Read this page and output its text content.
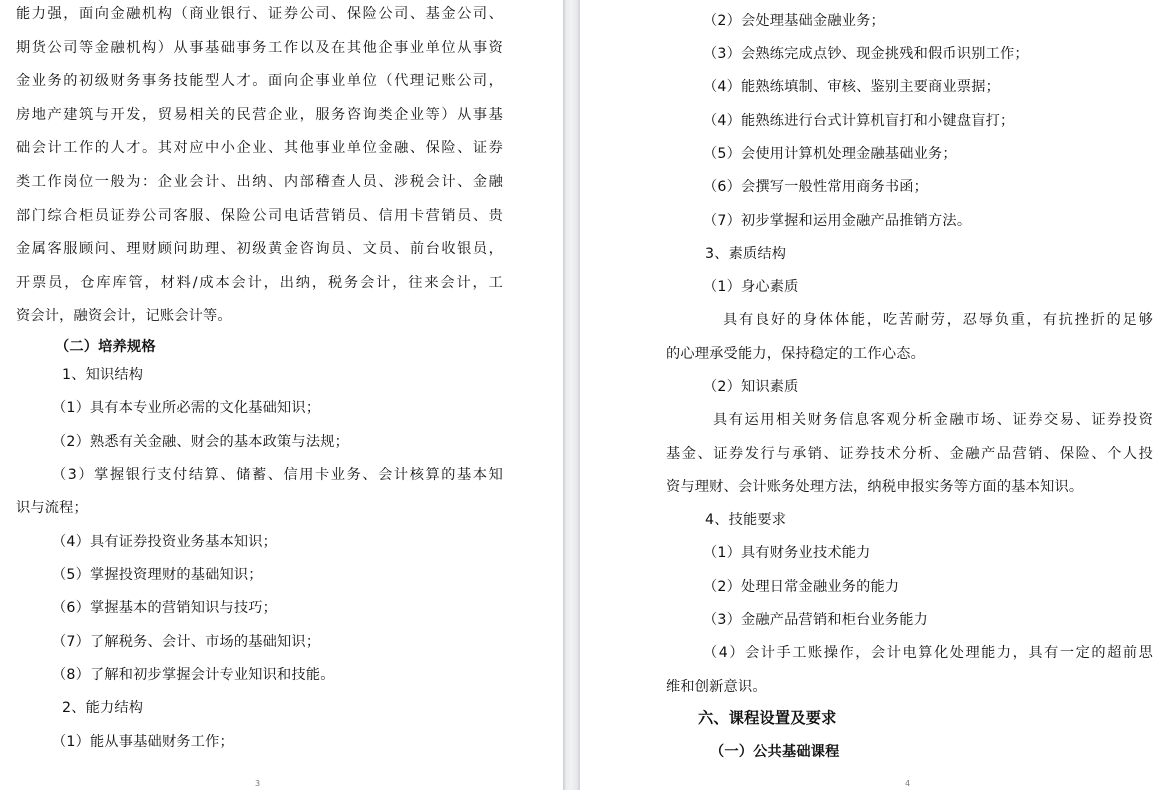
能力强，面向金融机构（商业银行、证券公司、保险公司、基金公司、
期货公司等金融机构）从事基础事务工作以及在其他企事业单位从事资
金业务的初级财务事务技能型人才。面向企事业单位（代理记账公司，
房地产建筑与开发，贸易相关的民营企业，服务咨询类企业等）从事基
础会计工作的人才。其对应中小企业、其他事业单位金融、保险、证券
类工作岗位一般为：企业会计、出纳、内部稽查人员、涉税会计、金融
部门综合柜员证券公司客服、保险公司电话营销员、信用卡营销员、贵
金属客服顾问、理财顾问助理、初级黄金咨询员、文员、前台收银员，
开票员，仓库库管，材料/成本会计，出纳，税务会计，往来会计，工
资会计，融资会计，记账会计等。
（二）培养规格
1、知识结构
（1）具有本专业所必需的文化基础知识；
（2）熟悉有关金融、财会的基本政策与法规；
（3）掌握银行支付结算、储蓄、信用卡业务、会计核算的基本知
识与流程；
（4）具有证券投资业务基本知识；
（5）掌握投资理财的基础知识；
（6）掌握基本的营销知识与技巧；
（7）了解税务、会计、市场的基础知识；
（8）了解和初步掌握会计专业知识和技能。
2、能力结构
（1）能从事基础财务工作；
3
（2）会处理基础金融业务；
（3）会熟练完成点钞、现金挑残和假币识别工作；
（4）能熟练填制、审核、鉴别主要商业票据；
（4）能熟练进行台式计算机盲打和小键盘盲打；
（5）会使用计算机处理金融基础业务；
（6）会撰写一般性常用商务书函；
（7）初步掌握和运用金融产品推销方法。
3、素质结构
（1）身心素质
具有良好的身体体能，吃苦耐劳，忍辱负重，有抗挫折的足够
的心理承受能力，保持稳定的工作心态。
（2）知识素质
具有运用相关财务信息客观分析金融市场、证券交易、证券投资
基金、证券发行与承销、证券技术分析、金融产品营销、保险、个人投
资与理财、会计账务处理方法，纳税申报实务等方面的基本知识。
4、技能要求
（1）具有财务业技术能力
（2）处理日常金融业务的能力
（3）金融产品营销和柜台业务能力
（4）会计手工账操作，会计电算化处理能力，具有一定的超前思
维和创新意识。
六、课程设置及要求
（一）公共基础课程
4
